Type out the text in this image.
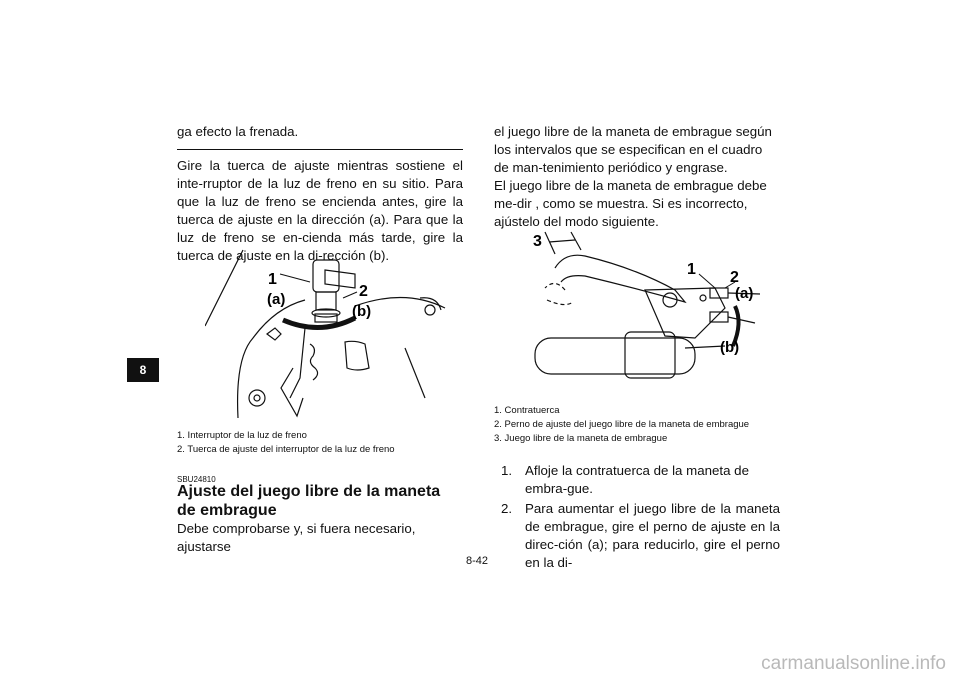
8

ga efecto la frenada.

Gire la tuerca de ajuste mientras sostiene el inte-rruptor de la luz de freno en su sitio. Para que la luz de freno se encienda antes, gire la tuerca de ajuste en la dirección (a). Para que la luz de freno se en-cienda más tarde, gire la tuerca de ajuste en la di-rección (b).

1
2
(a)
(b)
1. Interruptor de la luz de freno
2. Tuerca de ajuste del interruptor de la luz de freno
SBU24810
Ajuste del juego libre de la maneta de embrague
Debe comprobarse y, si fuera necesario, ajustarse

el juego libre de la maneta de embrague según los intervalos que se especifican en el cuadro de man-tenimiento periódico y engrase.

El juego libre de la maneta de embrague debe me-dir , como se muestra. Si es incorrecto, ajústelo del modo siguiente.

3
1 2
(a)
(b)
1. Contratuerca
2. Perno de ajuste del juego libre de la maneta de embrague
3. Juego libre de la maneta de embrague
1. Afloje la contratuerca de la maneta de embra-gue.
2. Para aumentar el juego libre de la maneta de embrague, gire el perno de ajuste en la direc-ción (a); para reducirlo, gire el perno en la di-
8-42
carmanualsonline.info
